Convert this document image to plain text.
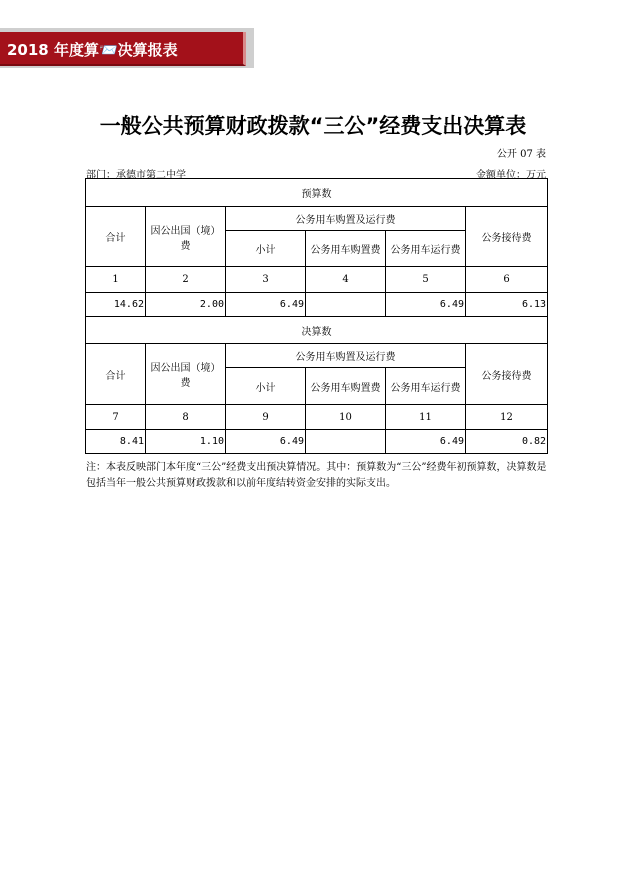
2018 年度算📨决算报表
一般公共预算财政拨款“三公”经费支出决算表
公开 07 表
部门：承德市第二中学	金额单位：万元
预算数					
合计	因公出国（境）费	公务用车购置及运行费			公务接待费
		小计	公务用车购置费	公务用车运行费	
1	2	3	4	5	6
14.62	2.00	6.49		6.49	6.13
决算数					
合计	因公出国（境）费	公务用车购置及运行费			公务接待费
		小计	公务用车购置费	公务用车运行费	
7	8	9	10	11	12
8.41	1.10	6.49		6.49	0.82
注：本表反映部门本年度“三公”经费支出预决算情况。其中：预算数为“三公”经费年初预算数，决算数是包括当年一般公共预算财政拨款和以前年度结转资金安排的实际支出。
